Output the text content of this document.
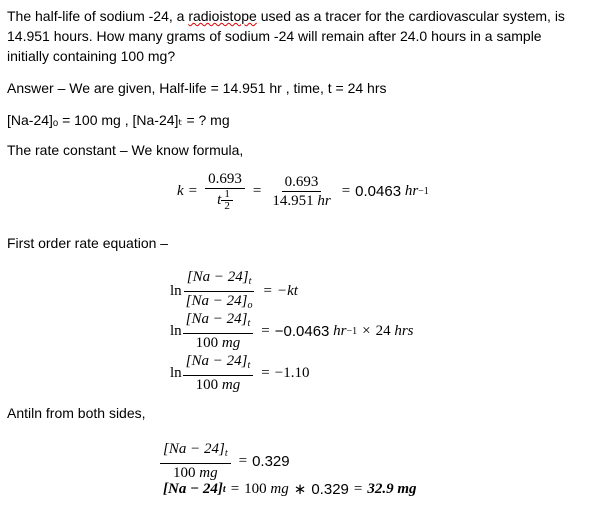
The half-life of sodium -24, a radioistope used as a tracer for the cardiovascular system, is
14.951 hours. How many grams of sodium -24 will remain after 24.0 hours in a sample
initially containing 100 mg?
Answer – We are given, Half-life = 14.951 hr , time, t = 24 hrs
[Na-24]ₒ = 100 mg , [Na-24]ₜ = ? mg
The rate constant – We know formula,
$k = \frac{0.693}{t \frac{1}{2}} = \frac{0.693}{14.951 hr} = 0.0463$
hr −1
First order rate equation –
$\ln \frac{[Na - 24]_t}{[Na - 24]_o} = -kt$
$\ln \frac{[Na - 24]_t}{100 mg} = -0.0463$
hr −1 × 24
hrs
$\ln \frac{[Na - 24]_t}{100 mg} = -1.10$
Antiln from both sides,
$\frac{[Na - 24]_t}{100 mg} = 0.329$
[Na − 24] t = 100
mg ∗ 0.329 = 32.9 mg
